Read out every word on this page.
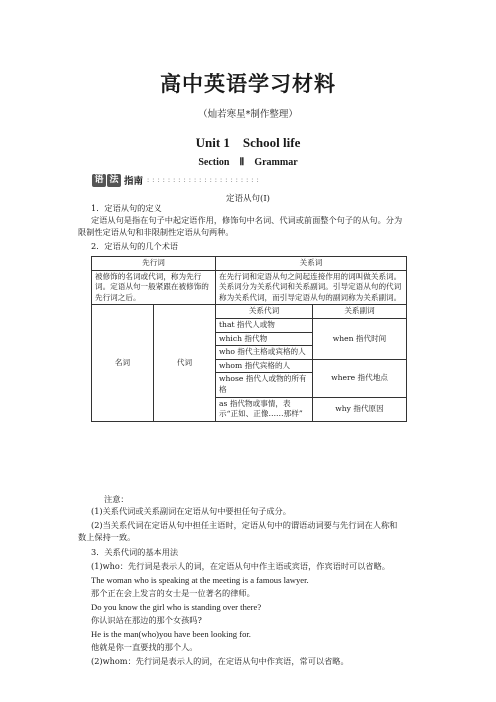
高中英语学习材料
（灿若寒星*制作整理）
Unit 1　School life
Section　Ⅱ　Grammar
语 法 指南 ::::::::::::::::::::::
定语从句(Ⅰ)
1．定语从句的定义
定语从句是指在句子中起定语作用，修饰句中名词、代词或前面整个句子的从句。分为
限制性定语从句和非限制性定语从句两种。
2．定语从句的几个术语
先行词		关系词	
被修饰的名词或代词，称为先行词。定语从句一般紧跟在被修饰的先行词之后。		在先行词和定语从句之间起连接作用的词叫做关系词。关系词分为关系代词和关系副词。引导定语从句的代词称为关系代词，而引导定语从句的副词称为关系副词。	
名词	代词	关系代词	关系副词
		that 指代人或物	when 指代时间
		which 指代物	
		who 指代主格或宾格的人	
		whom 指代宾格的人	where 指代地点
		whose 指代人或物的所有格	
		as 指代物或事情，表示“正如、正像……那样”	why 指代原因
注意：
(1)关系代词或关系副词在定语从句中要担任句子成分。
(2)当关系代词在定语从句中担任主语时，定语从句中的谓语动词要与先行词在人称和
数上保持一致。
3．关系代词的基本用法
(1)who：先行词是表示人的词，在定语从句中作主语或宾语，作宾语时可以省略。
The woman who is speaking at the meeting is a famous lawyer.
那个正在会上发言的女士是一位著名的律师。
Do you know the girl who is standing over there?
你认识站在那边的那个女孩吗?
He is the man(who)you have been looking for.
他就是你一直要找的那个人。
(2)whom：先行词是表示人的词，在定语从句中作宾语，常可以省略。
